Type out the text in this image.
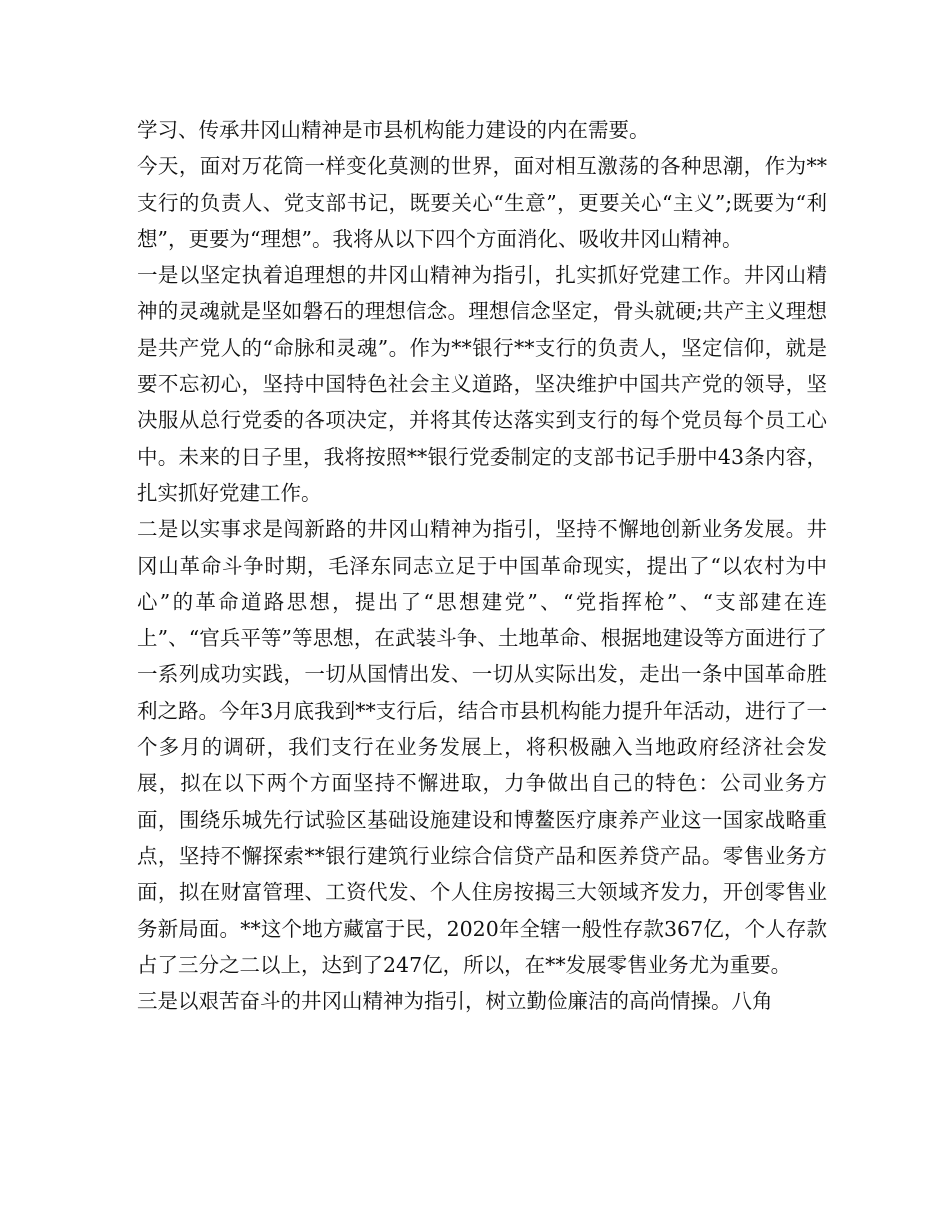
学习、传承井冈山精神是市县机构能力建设的内在需要。

今天，面对万花筒一样变化莫测的世界，面对相互激荡的各种思潮，作为**支行的负责人、党支部书记，既要关心“生意”，更要关心“主义”;既要为“利想”，更要为“理想”。我将从以下四个方面消化、吸收井冈山精神。

一是以坚定执着追理想的井冈山精神为指引，扎实抓好党建工作。井冈山精神的灵魂就是坚如磐石的理想信念。理想信念坚定，骨头就硬;共产主义理想是共产党人的“命脉和灵魂”。作为**银行**支行的负责人，坚定信仰，就是要不忘初心，坚持中国特色社会主义道路，坚决维护中国共产党的领导，坚决服从总行党委的各项决定，并将其传达落实到支行的每个党员每个员工心中。未来的日子里，我将按照**银行党委制定的支部书记手册中43条内容，扎实抓好党建工作。

二是以实事求是闯新路的井冈山精神为指引，坚持不懈地创新业务发展。井冈山革命斗争时期，毛泽东同志立足于中国革命现实，提出了“以农村为中心”的革命道路思想，提出了“思想建党”、“党指挥枪”、“支部建在连上”、“官兵平等”等思想，在武装斗争、土地革命、根据地建设等方面进行了一系列成功实践，一切从国情出发、一切从实际出发，走出一条中国革命胜利之路。今年3月底我到**支行后，结合市县机构能力提升年活动，进行了一个多月的调研，我们支行在业务发展上，将积极融入当地政府经济社会发展，拟在以下两个方面坚持不懈进取，力争做出自己的特色：公司业务方面，围绕乐城先行试验区基础设施建设和博鳌医疗康养产业这一国家战略重点，坚持不懈探索**银行建筑行业综合信贷产品和医养贷产品。零售业务方面，拟在财富管理、工资代发、个人住房按揭三大领域齐发力，开创零售业务新局面。**这个地方藏富于民，2020年全辖一般性存款367亿，个人存款占了三分之二以上，达到了247亿，所以，在**发展零售业务尤为重要。

三是以艰苦奋斗的井冈山精神为指引，树立勤俭廉洁的高尚情操。八角
